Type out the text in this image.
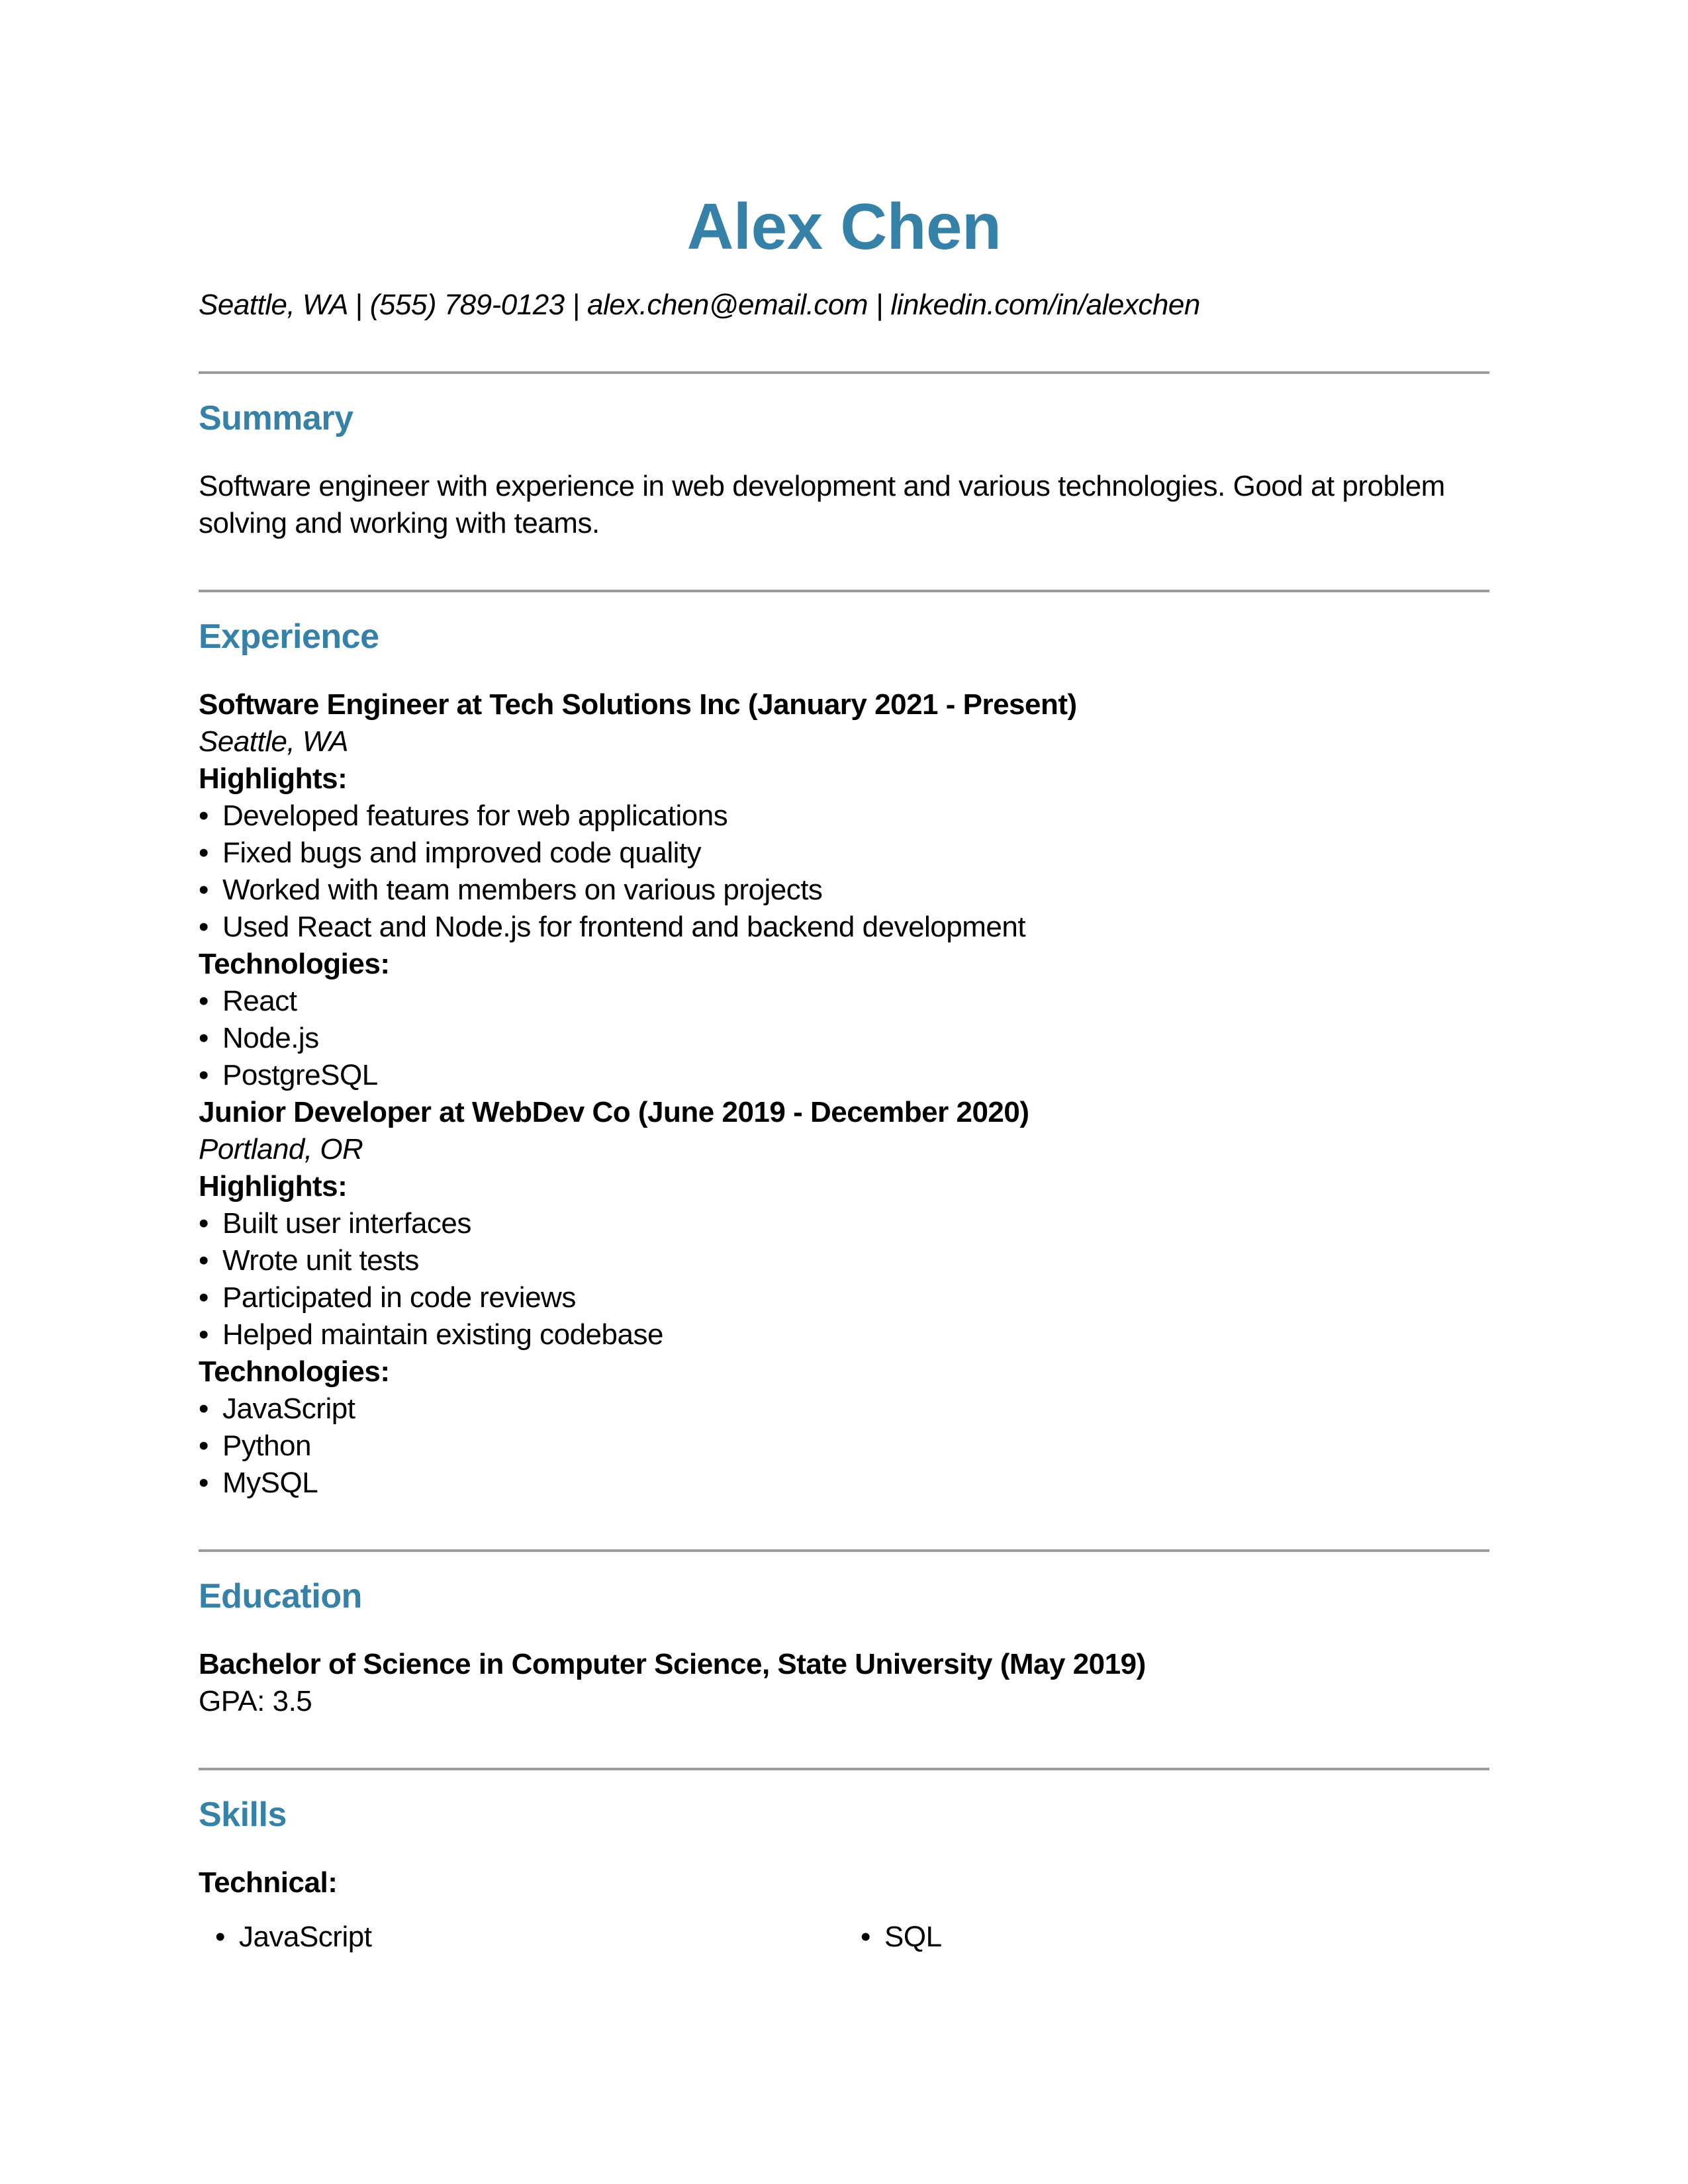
Alex Chen

Seattle, WA | (555) 789-0123 | alex.chen@email.com | linkedin.com/in/alexchen

Summary

Software engineer with experience in web development and various technologies. Good at problem solving and working with teams.

Experience
Software Engineer at Tech Solutions Inc (January 2021 - Present)
Seattle, WA
Highlights:
• Developed features for web applications
• Fixed bugs and improved code quality
• Worked with team members on various projects
• Used React and Node.js for frontend and backend development
Technologies:
• React
• Node.js
• PostgreSQL
Junior Developer at WebDev Co (June 2019 - December 2020)
Portland, OR
Highlights:
• Built user interfaces
• Wrote unit tests
• Participated in code reviews
• Helped maintain existing codebase
Technologies:
• JavaScript
• Python
• MySQL
Education
Bachelor of Science in Computer Science, State University (May 2019)
GPA: 3.5
Skills
Technical:
• JavaScript	• SQL
